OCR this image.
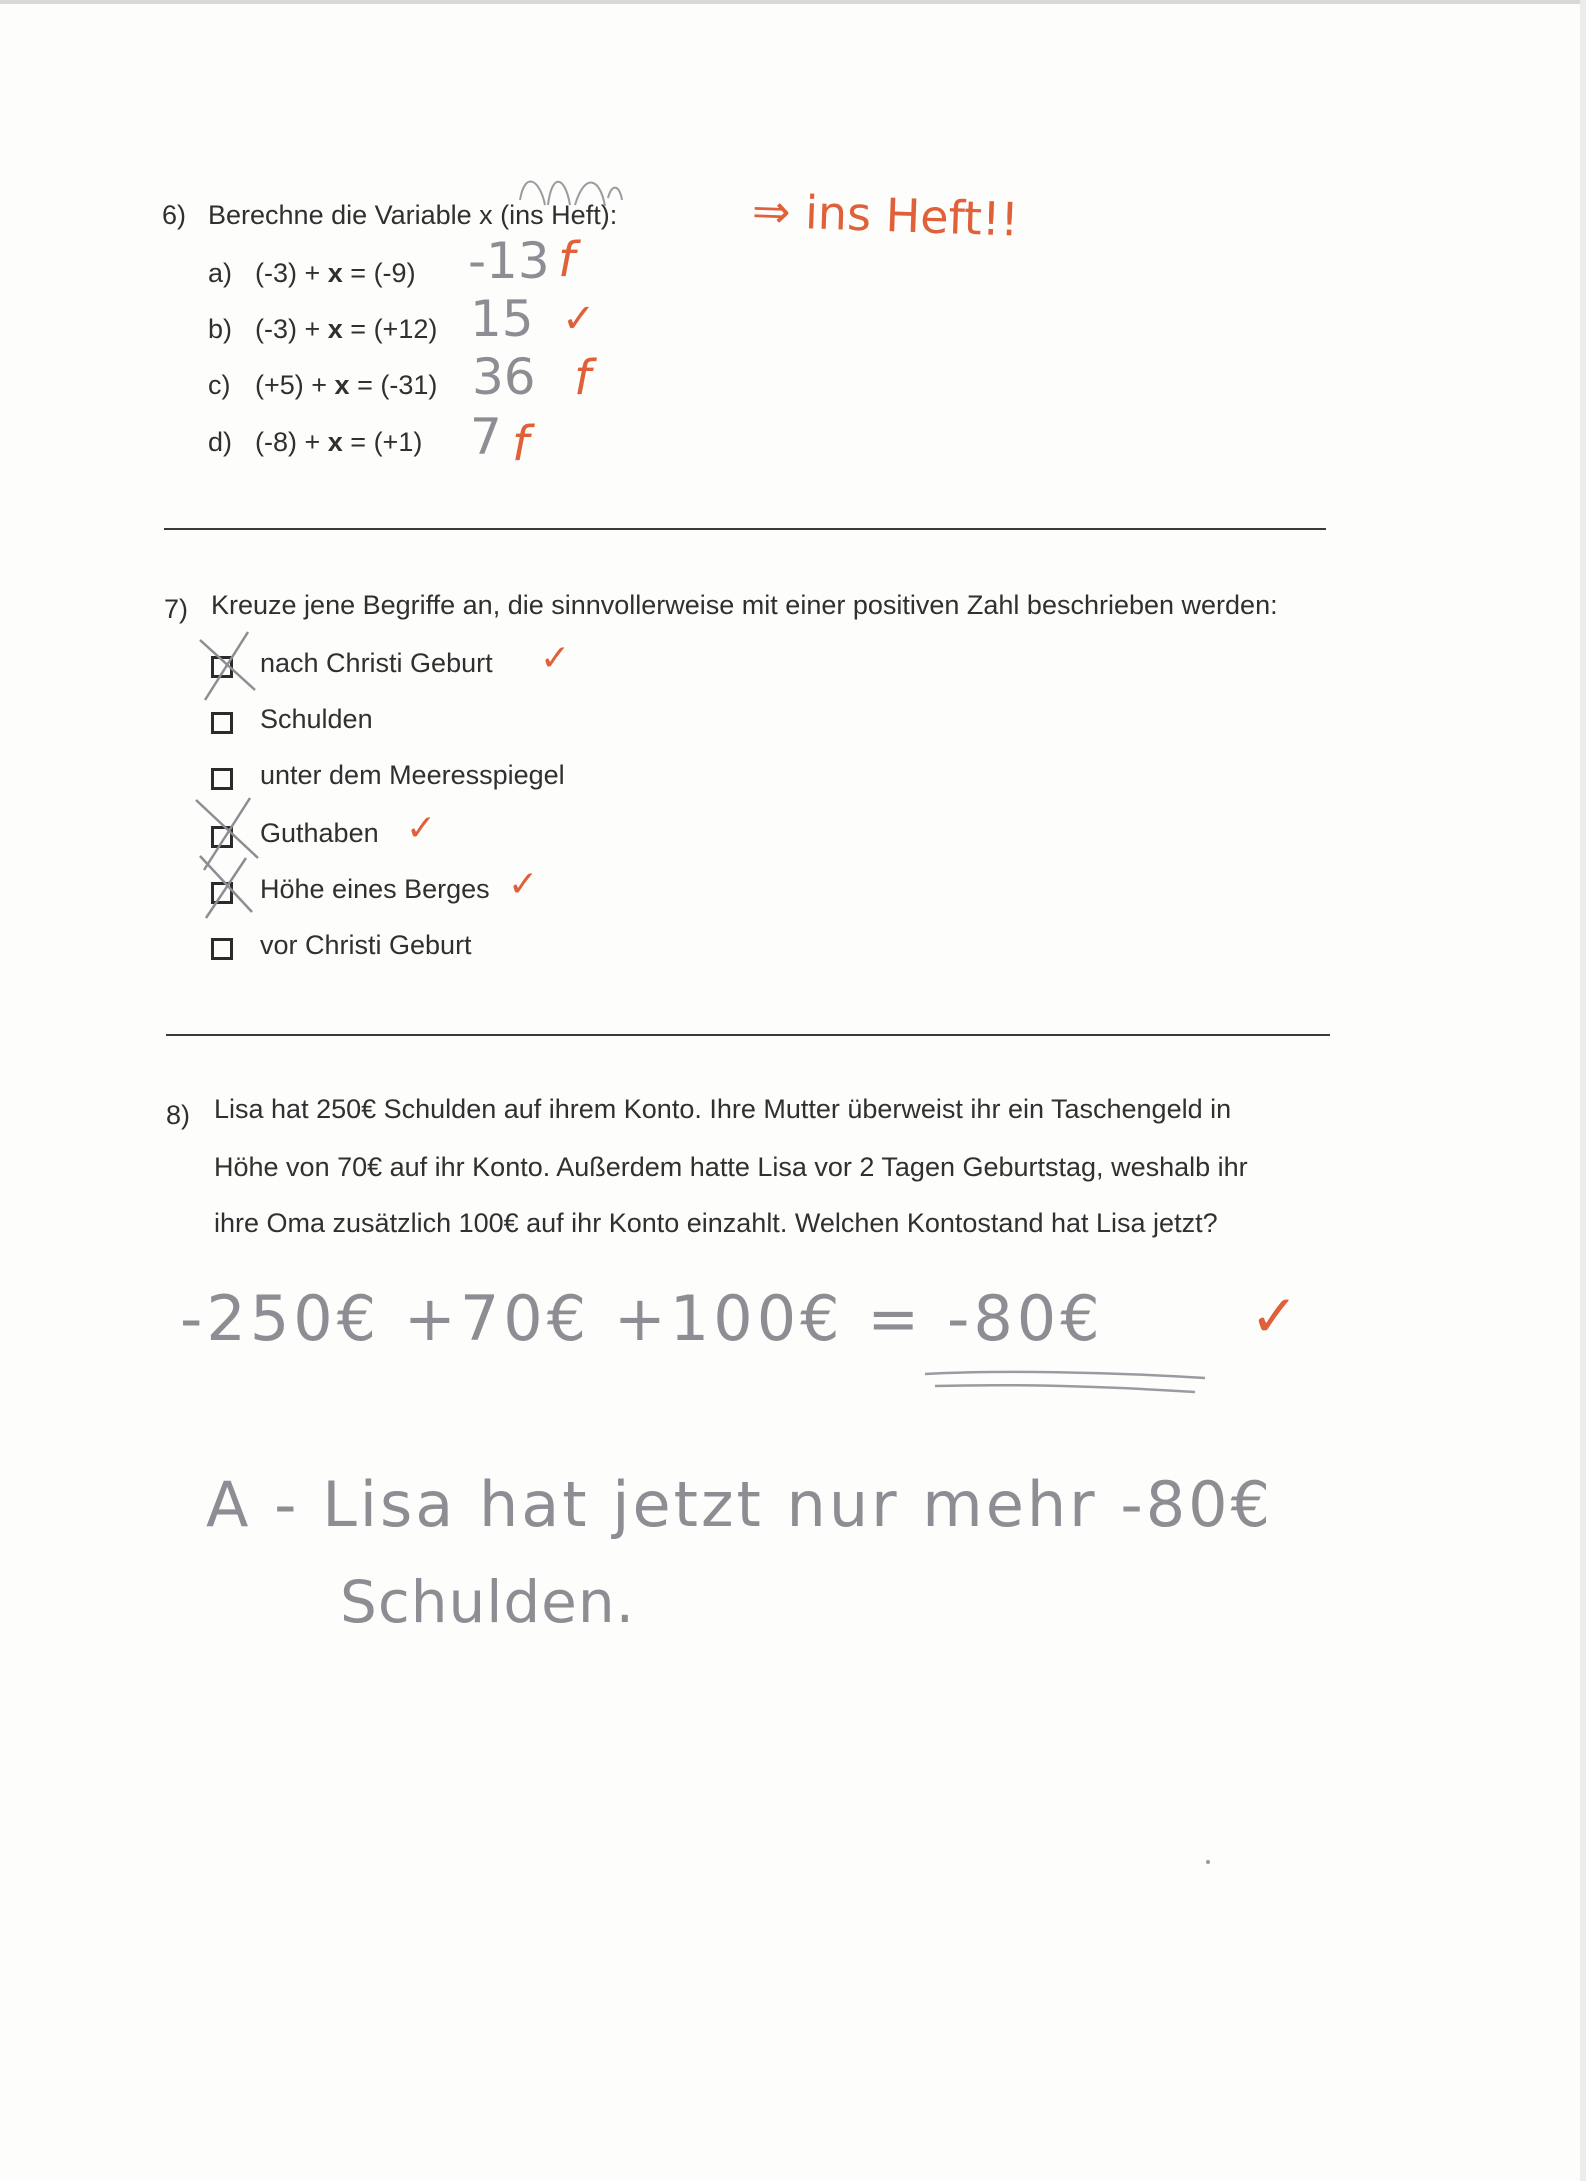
6) Berechne die Variable x (ins Heft):	⇒ ins Heft!!
a) (-3) + x = (-9) -13 f
b) (-3) + x = (+12) 15 ✓
c) (+5) + x = (-31) 36 f
d) (-8) + x = (+1) 7 f
7) Kreuze jene Begriffe an, die sinnvollerweise mit einer positiven Zahl beschrieben werden:
nach Christi Geburt ✓
Schulden
unter dem Meeresspiegel
Guthaben ✓
Höhe eines Berges ✓
vor Christi Geburt
8) Lisa hat 250€ Schulden auf ihrem Konto. Ihre Mutter überweist ihr ein Taschengeld in
Höhe von 70€ auf ihr Konto. Außerdem hatte Lisa vor 2 Tagen Geburtstag, weshalb ihr
ihre Oma zusätzlich 100€ auf ihr Konto einzahlt. Welchen Kontostand hat Lisa jetzt?
-250€ +70€ +100€ = -80€	✓
A - Lisa hat jetzt nur mehr -80€
Schulden.
